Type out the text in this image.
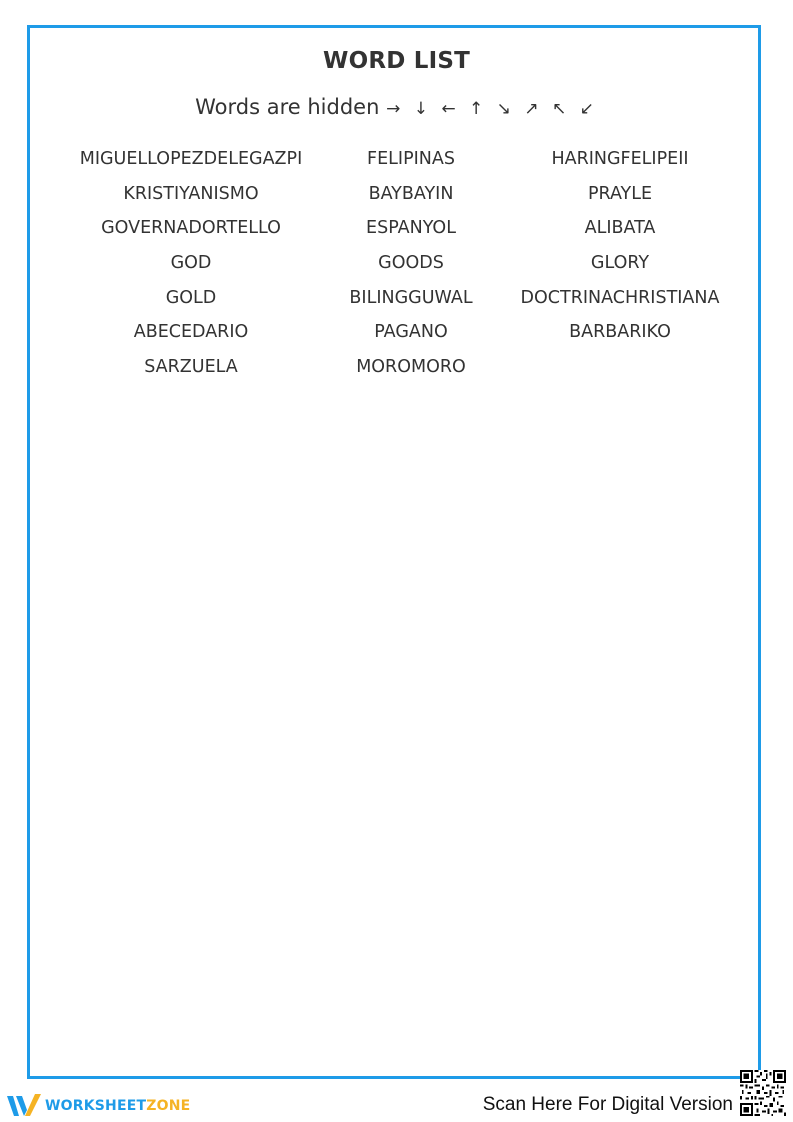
WORD LIST
Words are hidden → ↓ ← ↑ ↘ ↗ ↖ ↙
MIGUELLOPEZDELEGAZPI	FELIPINAS	HARINGFELIPEII
KRISTIYANISMO	BAYBAYIN	PRAYLE
GOVERNADORTELLO	ESPANYOL	ALIBATA
GOD	GOODS	GLORY
GOLD	BILINGGUWAL	DOCTRINACHRISTIANA
ABECEDARIO	PAGANO	BARBARIKO
SARZUELA	MOROMORO
WORKSHEETZONE	Scan Here For Digital Version
